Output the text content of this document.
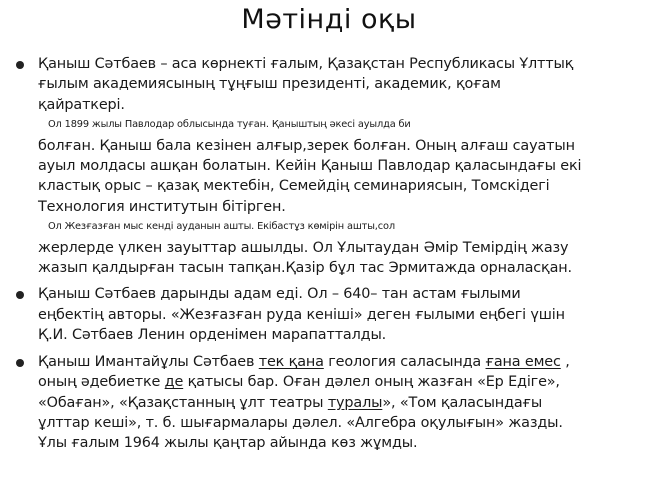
Мәтінді оқы
Қаныш Сәтбаев – аса көрнекті ғалым, Қазақстан Республикасы Ұлттық
ғылым академиясының тұңғыш президенті, академик, қоғам
қайраткері.
Ол 1899 жылы Павлодар облысында туған. Қаныштың әкесі ауылда би
болған. Қаныш бала кезінен алғыр,зерек болған. Оның алғаш сауатын
ауыл молдасы ашқан болатын. Кейін Қаныш Павлодар қаласындағы екі
кластық орыс – қазақ мектебін, Семейдің семинариясын, Томскідегі
Технология институтын бітірген.
Ол Жезғазған мыс кенді ауданын ашты. Екібастұз көмірін ашты,сол
жерлерде үлкен зауыттар ашылды. Ол Ұлытаудан Әмір Темірдің жазу
жазып қалдырған тасын тапқан.Қазір бұл тас Эрмитажда орналасқан.
Қаныш Сәтбаев дарынды адам еді. Ол – 640– тан астам ғылыми
еңбектің авторы. «Жезғазған руда кеніші» деген ғылыми еңбегі үшін
Қ.И. Сәтбаев Ленин орденімен марапатталды.
Қаныш Имантайұлы Сәтбаев тек қана геология саласында ғана емес ,
оның әдебиетке де қатысы бар. Оған дәлел оның жазған «Ер Едіге»,
«Обаған», «Қазақстанның ұлт театры туралы», «Том қаласындағы
ұлттар кеші», т. б. шығармалары дәлел. «Алгебра оқулығын» жазды.
Ұлы ғалым 1964 жылы қаңтар айында көз жұмды.
